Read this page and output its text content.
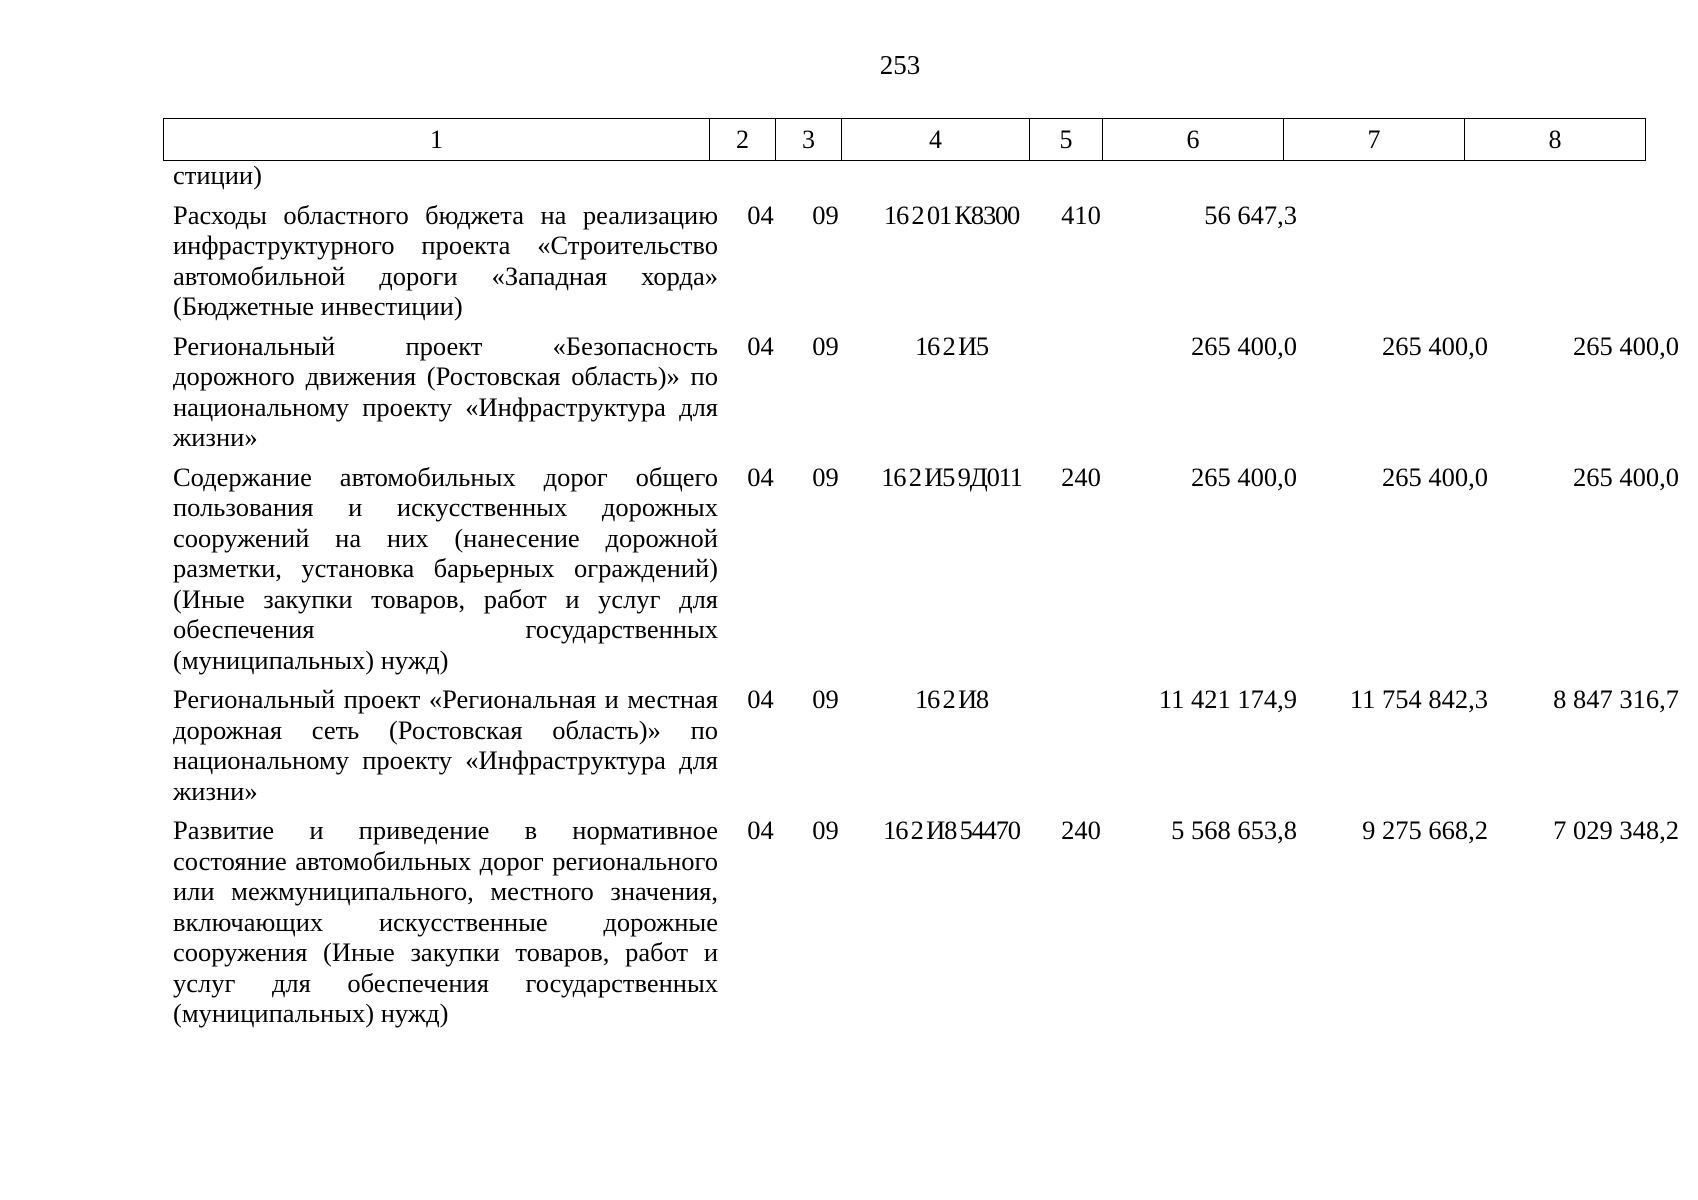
253
1	2	3	4	5	6	7	8
стиции)							
Расходы областного бюджета на реализацию инфраструктурного проекта «Строительство автомобильной дороги «Западная хорда» (Бюджетные инвестиции)	04	09	16 2 01 К8300	410	56 647,3		
Региональный проект «Безопасность дорожного движения (Ростовская область)» по национальному проекту «Инфраструктура для жизни»	04	09	16 2 И5		265 400,0	265 400,0	265 400,0
Содержание автомобильных дорог общего пользования и искусственных дорожных сооружений на них (нанесение дорожной разметки, установка барьерных ограждений) (Иные закупки товаров, работ и услуг для обеспечения государственных (муниципальных) нужд)	04	09	16 2 И5 9Д011	240	265 400,0	265 400,0	265 400,0
Региональный проект «Региональная и местная дорожная сеть (Ростовская область)» по национальному проекту «Инфраструктура для жизни»	04	09	16 2 И8		11 421 174,9	11 754 842,3	8 847 316,7
Развитие и приведение в нормативное состояние автомобильных дорог регионального или межмуниципального, местного значения, включающих искусственные дорожные сооружения (Иные закупки товаров, работ и услуг для обеспечения государственных (муниципальных) нужд)	04	09	16 2 И8 54470	240	5 568 653,8	9 275 668,2	7 029 348,2
